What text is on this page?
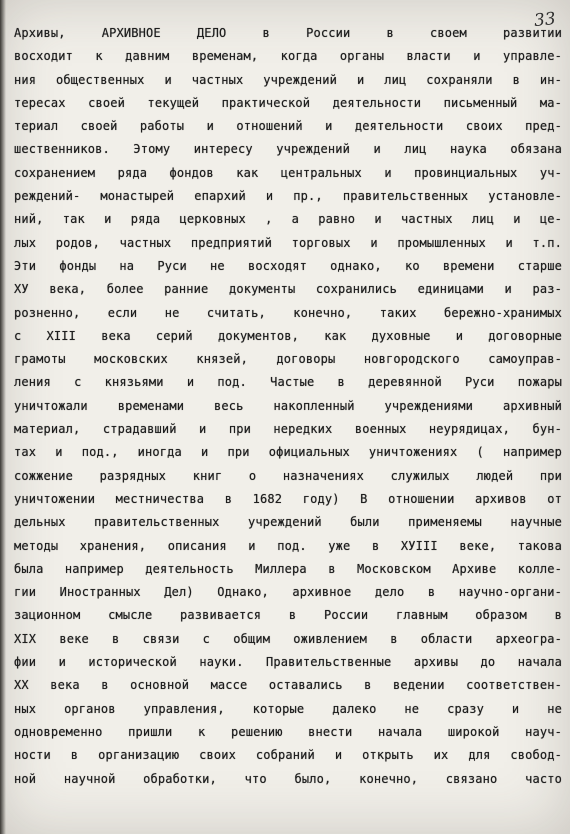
33
Архивы, АРХИВНОЕ ДЕЛО в России в своем развитии
восходит к давним временам, когда органы власти и управле-
ния общественных и частных учреждений и лиц сохраняли в ин-
тересах своей текущей практической деятельности письменный ма-
териал своей работы и отношений и деятельности своих пред-
шественников. Этому интересу учреждений и лиц наука обязана
сохранением ряда фондов как центральных и провинциальных уч-
реждений- монастырей епархий и пр., правительственных установле-
ний, так и ряда церковных , а равно и частных лиц и це-
лых родов, частных предприятий торговых и промышленных и т.п.
Эти фонды на Руси не восходят однако, ко времени старше
ХУ века, более ранние документы сохранились единицами и раз-
розненно, если не считать, конечно, таких бережно-хранимых
с XIII века серий документов, как духовные и договорные
грамоты московских князей, договоры новгородского самоуправ-
ления с князьями и под. Частые в деревянной Руси пожары
уничтожали временами весь накопленный учреждениями архивный
материал, страдавший и при нередких военных неурядицах, бун-
тах и под., иногда и при официальных уничтожениях ( например
сожжение разрядных книг о назначениях служилых людей при
уничтожении местничества в 1682 году) В отношении архивов от
дельных правительственных учреждений были применяемы научные
методы хранения, описания и под. уже в ХУIII веке, такова
была например деятельность Миллера в Московском Архиве колле-
гии Иностранных Дел) Однако, архивное дело в научно-органи-
зационном смысле развивается в России главным образом в
XIX веке в связи с общим оживлением в области археогра-
фии и исторической науки. Правительственные архивы до начала
XX века в основной массе оставались в ведении соответствен-
ных органов управления, которые далеко не сразу и не
одновременно пришли к решению внести начала широкой науч-
ности в организацию своих собраний и открыть их для свобод-
ной научной обработки, что было, конечно, связано часто
